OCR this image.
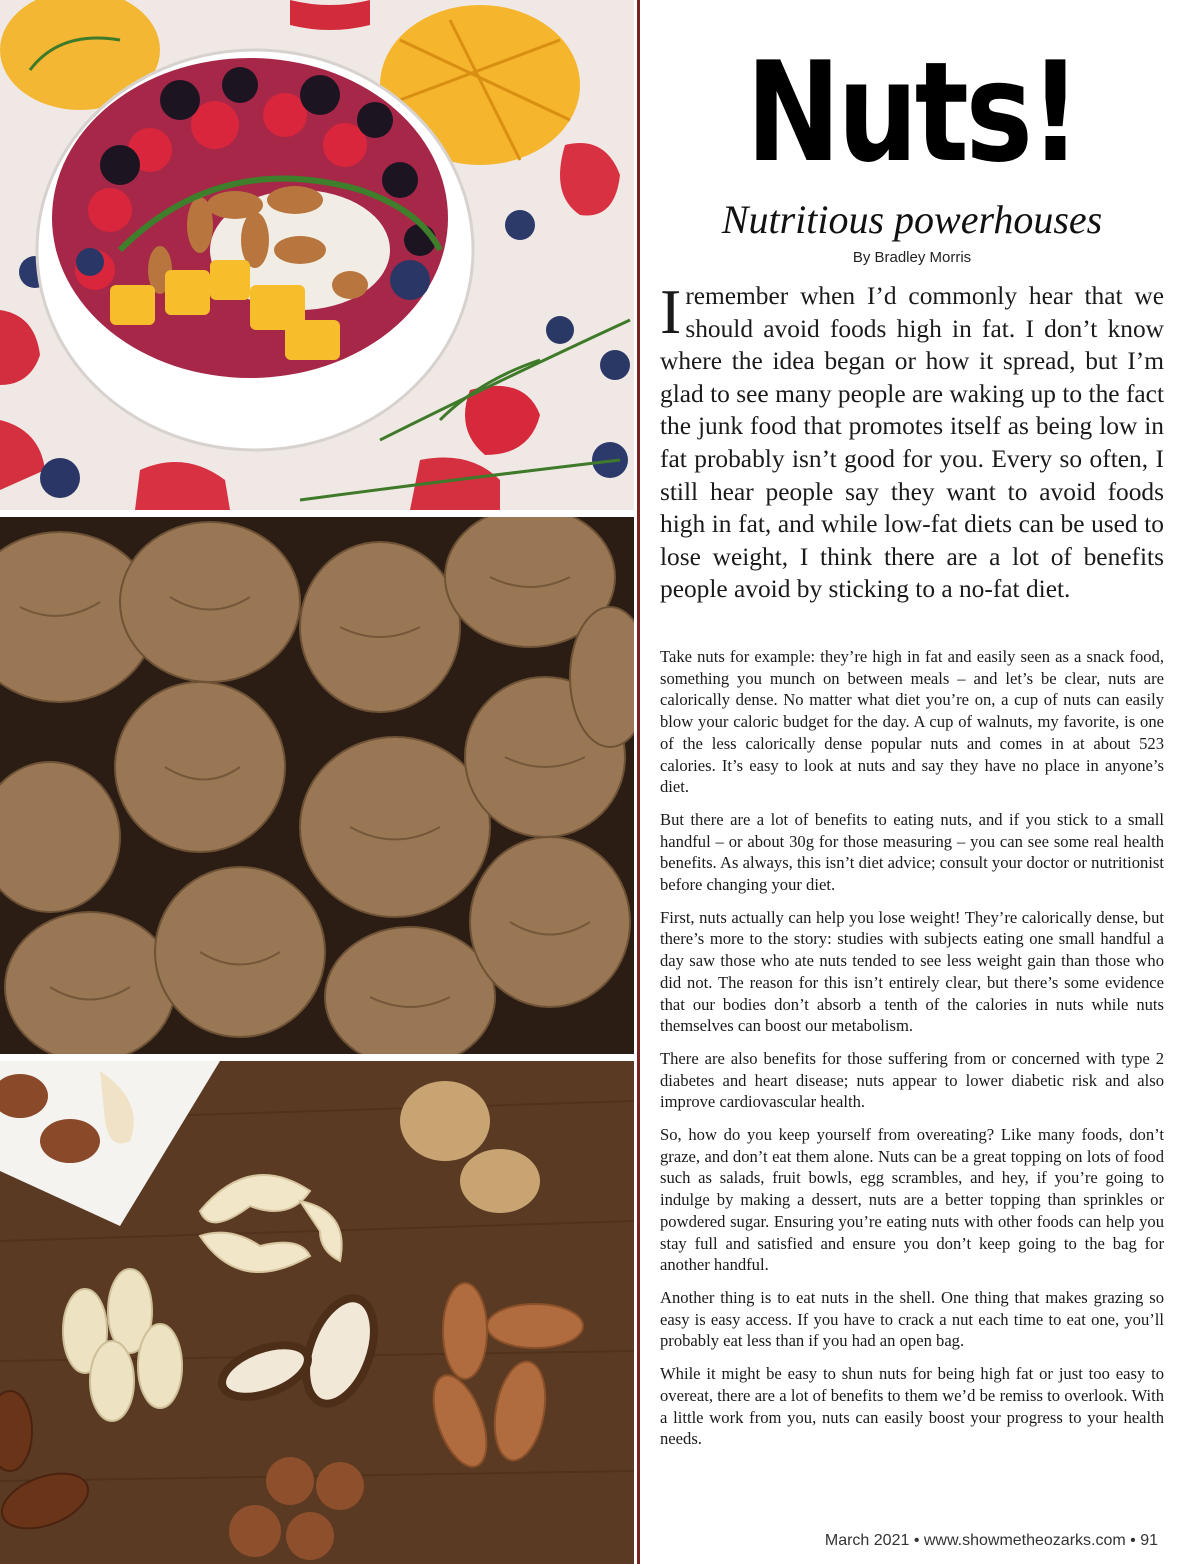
Nuts!
Nutritious powerhouses
By Bradley Morris

Iremember when I’d commonly hear that we should avoid foods high in fat. I don’t know where the idea began or how it spread, but I’m glad to see many people are waking up to the fact the junk food that promotes itself as being low in fat probably isn’t good for you. Every so often, I still hear people say they want to avoid foods high in fat, and while low-fat diets can be used to lose weight, I think there are a lot of benefits people avoid by sticking to a no-fat diet.

Take nuts for example: they’re high in fat and easily seen as a snack food, something you munch on between meals – and let’s be clear, nuts are calorically dense. No matter what diet you’re on, a cup of nuts can easily blow your caloric budget for the day. A cup of walnuts, my favorite, is one of the less calorically dense popular nuts and comes in at about 523 calories. It’s easy to look at nuts and say they have no place in anyone’s diet.

But there are a lot of benefits to eating nuts, and if you stick to a small handful – or about 30g for those measuring – you can see some real health benefits. As always, this isn’t diet advice; consult your doctor or nutritionist before changing your diet.

First, nuts actually can help you lose weight! They’re calorically dense, but there’s more to the story: studies with subjects eating one small handful a day saw those who ate nuts tended to see less weight gain than those who did not. The reason for this isn’t entirely clear, but there’s some evidence that our bodies don’t absorb a tenth of the calories in nuts while nuts themselves can boost our metabolism.

There are also benefits for those suffering from or concerned with type 2 diabetes and heart disease; nuts appear to lower diabetic risk and also improve cardiovascular health.

So, how do you keep yourself from overeating? Like many foods, don’t graze, and don’t eat them alone. Nuts can be a great topping on lots of food such as salads, fruit bowls, egg scrambles, and hey, if you’re going to indulge by making a dessert, nuts are a better topping than sprinkles or powdered sugar. Ensuring you’re eating nuts with other foods can help you stay full and satisfied and ensure you don’t keep going to the bag for another handful.

Another thing is to eat nuts in the shell. One thing that makes grazing so easy is easy access. If you have to crack a nut each time to eat one, you’ll probably eat less than if you had an open bag.

While it might be easy to shun nuts for being high fat or just too easy to overeat, there are a lot of benefits to them we’d be remiss to overlook. With a little work from you, nuts can easily boost your progress to your health needs.

March 2021 • www.showmetheozarks.com • 91
